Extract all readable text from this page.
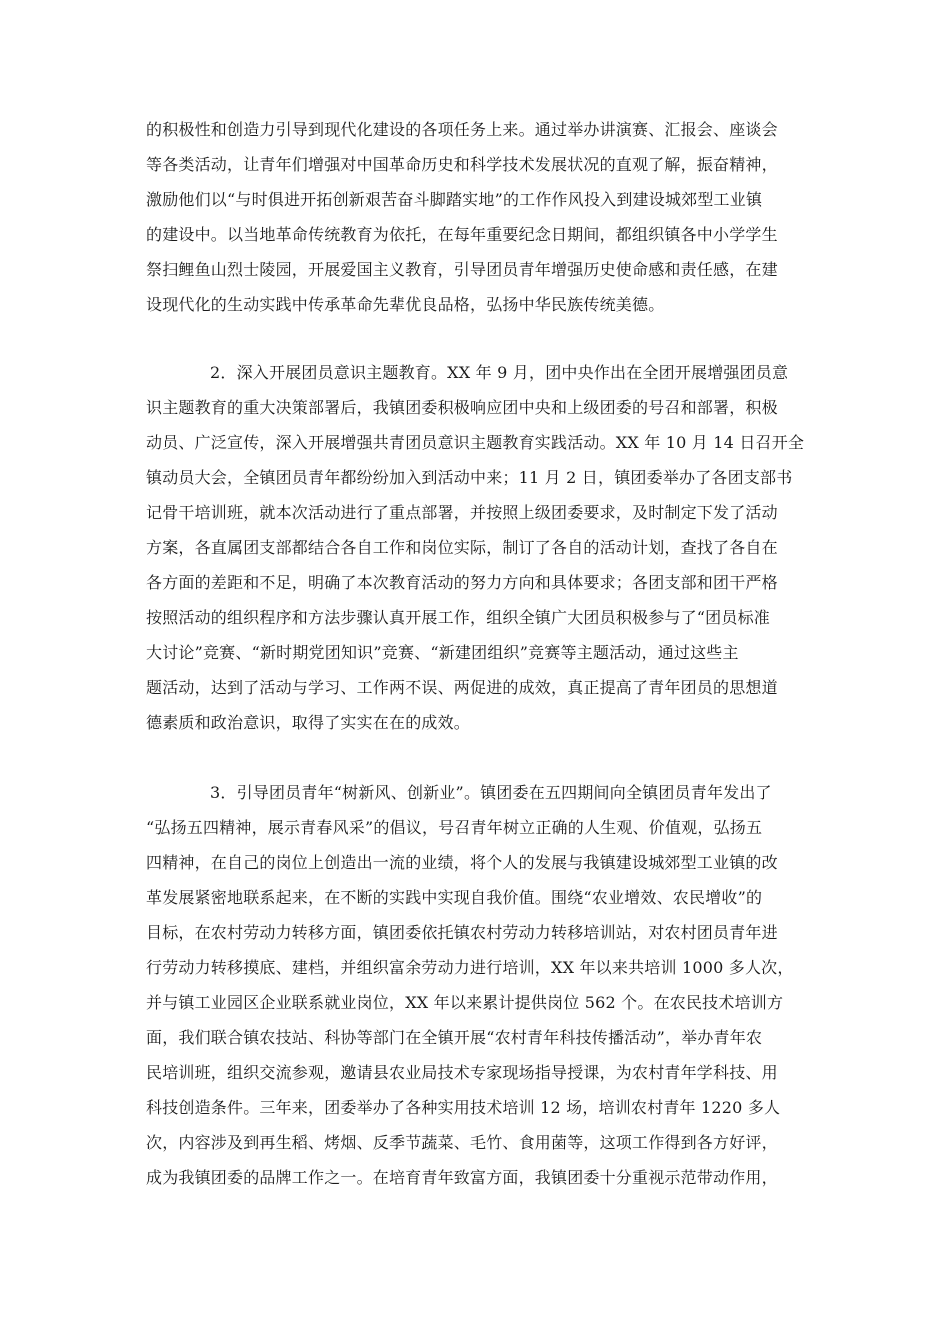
的积极性和创造力引导到现代化建设的各项任务上来。通过举办讲演赛、汇报会、座谈会
等各类活动，让青年们增强对中国革命历史和科学技术发展状况的直观了解，振奋精神，
激励他们以“与时俱进开拓创新艰苦奋斗脚踏实地”的工作作风投入到建设城郊型工业镇
的建设中。以当地革命传统教育为依托，在每年重要纪念日期间，都组织镇各中小学学生
祭扫鲤鱼山烈士陵园，开展爱国主义教育，引导团员青年增强历史使命感和责任感，在建
设现代化的生动实践中传承革命先辈优良品格，弘扬中华民族传统美德。
2．深入开展团员意识主题教育。XX 年 9 月，团中央作出在全团开展增强团员意
识主题教育的重大决策部署后，我镇团委积极响应团中央和上级团委的号召和部署，积极
动员、广泛宣传，深入开展增强共青团员意识主题教育实践活动。XX 年 10 月 14 日召开全
镇动员大会，全镇团员青年都纷纷加入到活动中来；11 月 2 日，镇团委举办了各团支部书
记骨干培训班，就本次活动进行了重点部署，并按照上级团委要求，及时制定下发了活动
方案，各直属团支部都结合各自工作和岗位实际，制订了各自的活动计划，查找了各自在
各方面的差距和不足，明确了本次教育活动的努力方向和具体要求；各团支部和团干严格
按照活动的组织程序和方法步骤认真开展工作，组织全镇广大团员积极参与了“团员标准
大讨论”竞赛、“新时期党团知识”竞赛、“新建团组织”竞赛等主题活动，通过这些主
题活动，达到了活动与学习、工作两不误、两促进的成效，真正提高了青年团员的思想道
德素质和政治意识，取得了实实在在的成效。
3．引导团员青年“树新风、创新业”。镇团委在五四期间向全镇团员青年发出了
“弘扬五四精神，展示青春风采”的倡议，号召青年树立正确的人生观、价值观，弘扬五
四精神，在自己的岗位上创造出一流的业绩，将个人的发展与我镇建设城郊型工业镇的改
革发展紧密地联系起来，在不断的实践中实现自我价值。围绕“农业增效、农民增收”的
目标，在农村劳动力转移方面，镇团委依托镇农村劳动力转移培训站，对农村团员青年进
行劳动力转移摸底、建档，并组织富余劳动力进行培训，XX 年以来共培训 1000 多人次，
并与镇工业园区企业联系就业岗位，XX 年以来累计提供岗位 562 个。在农民技术培训方
面，我们联合镇农技站、科协等部门在全镇开展“农村青年科技传播活动”，举办青年农
民培训班，组织交流参观，邀请县农业局技术专家现场指导授课，为农村青年学科技、用
科技创造条件。三年来，团委举办了各种实用技术培训 12 场，培训农村青年 1220 多人
次，内容涉及到再生稻、烤烟、反季节蔬菜、毛竹、食用菌等，这项工作得到各方好评，
成为我镇团委的品牌工作之一。在培育青年致富方面，我镇团委十分重视示范带动作用，
